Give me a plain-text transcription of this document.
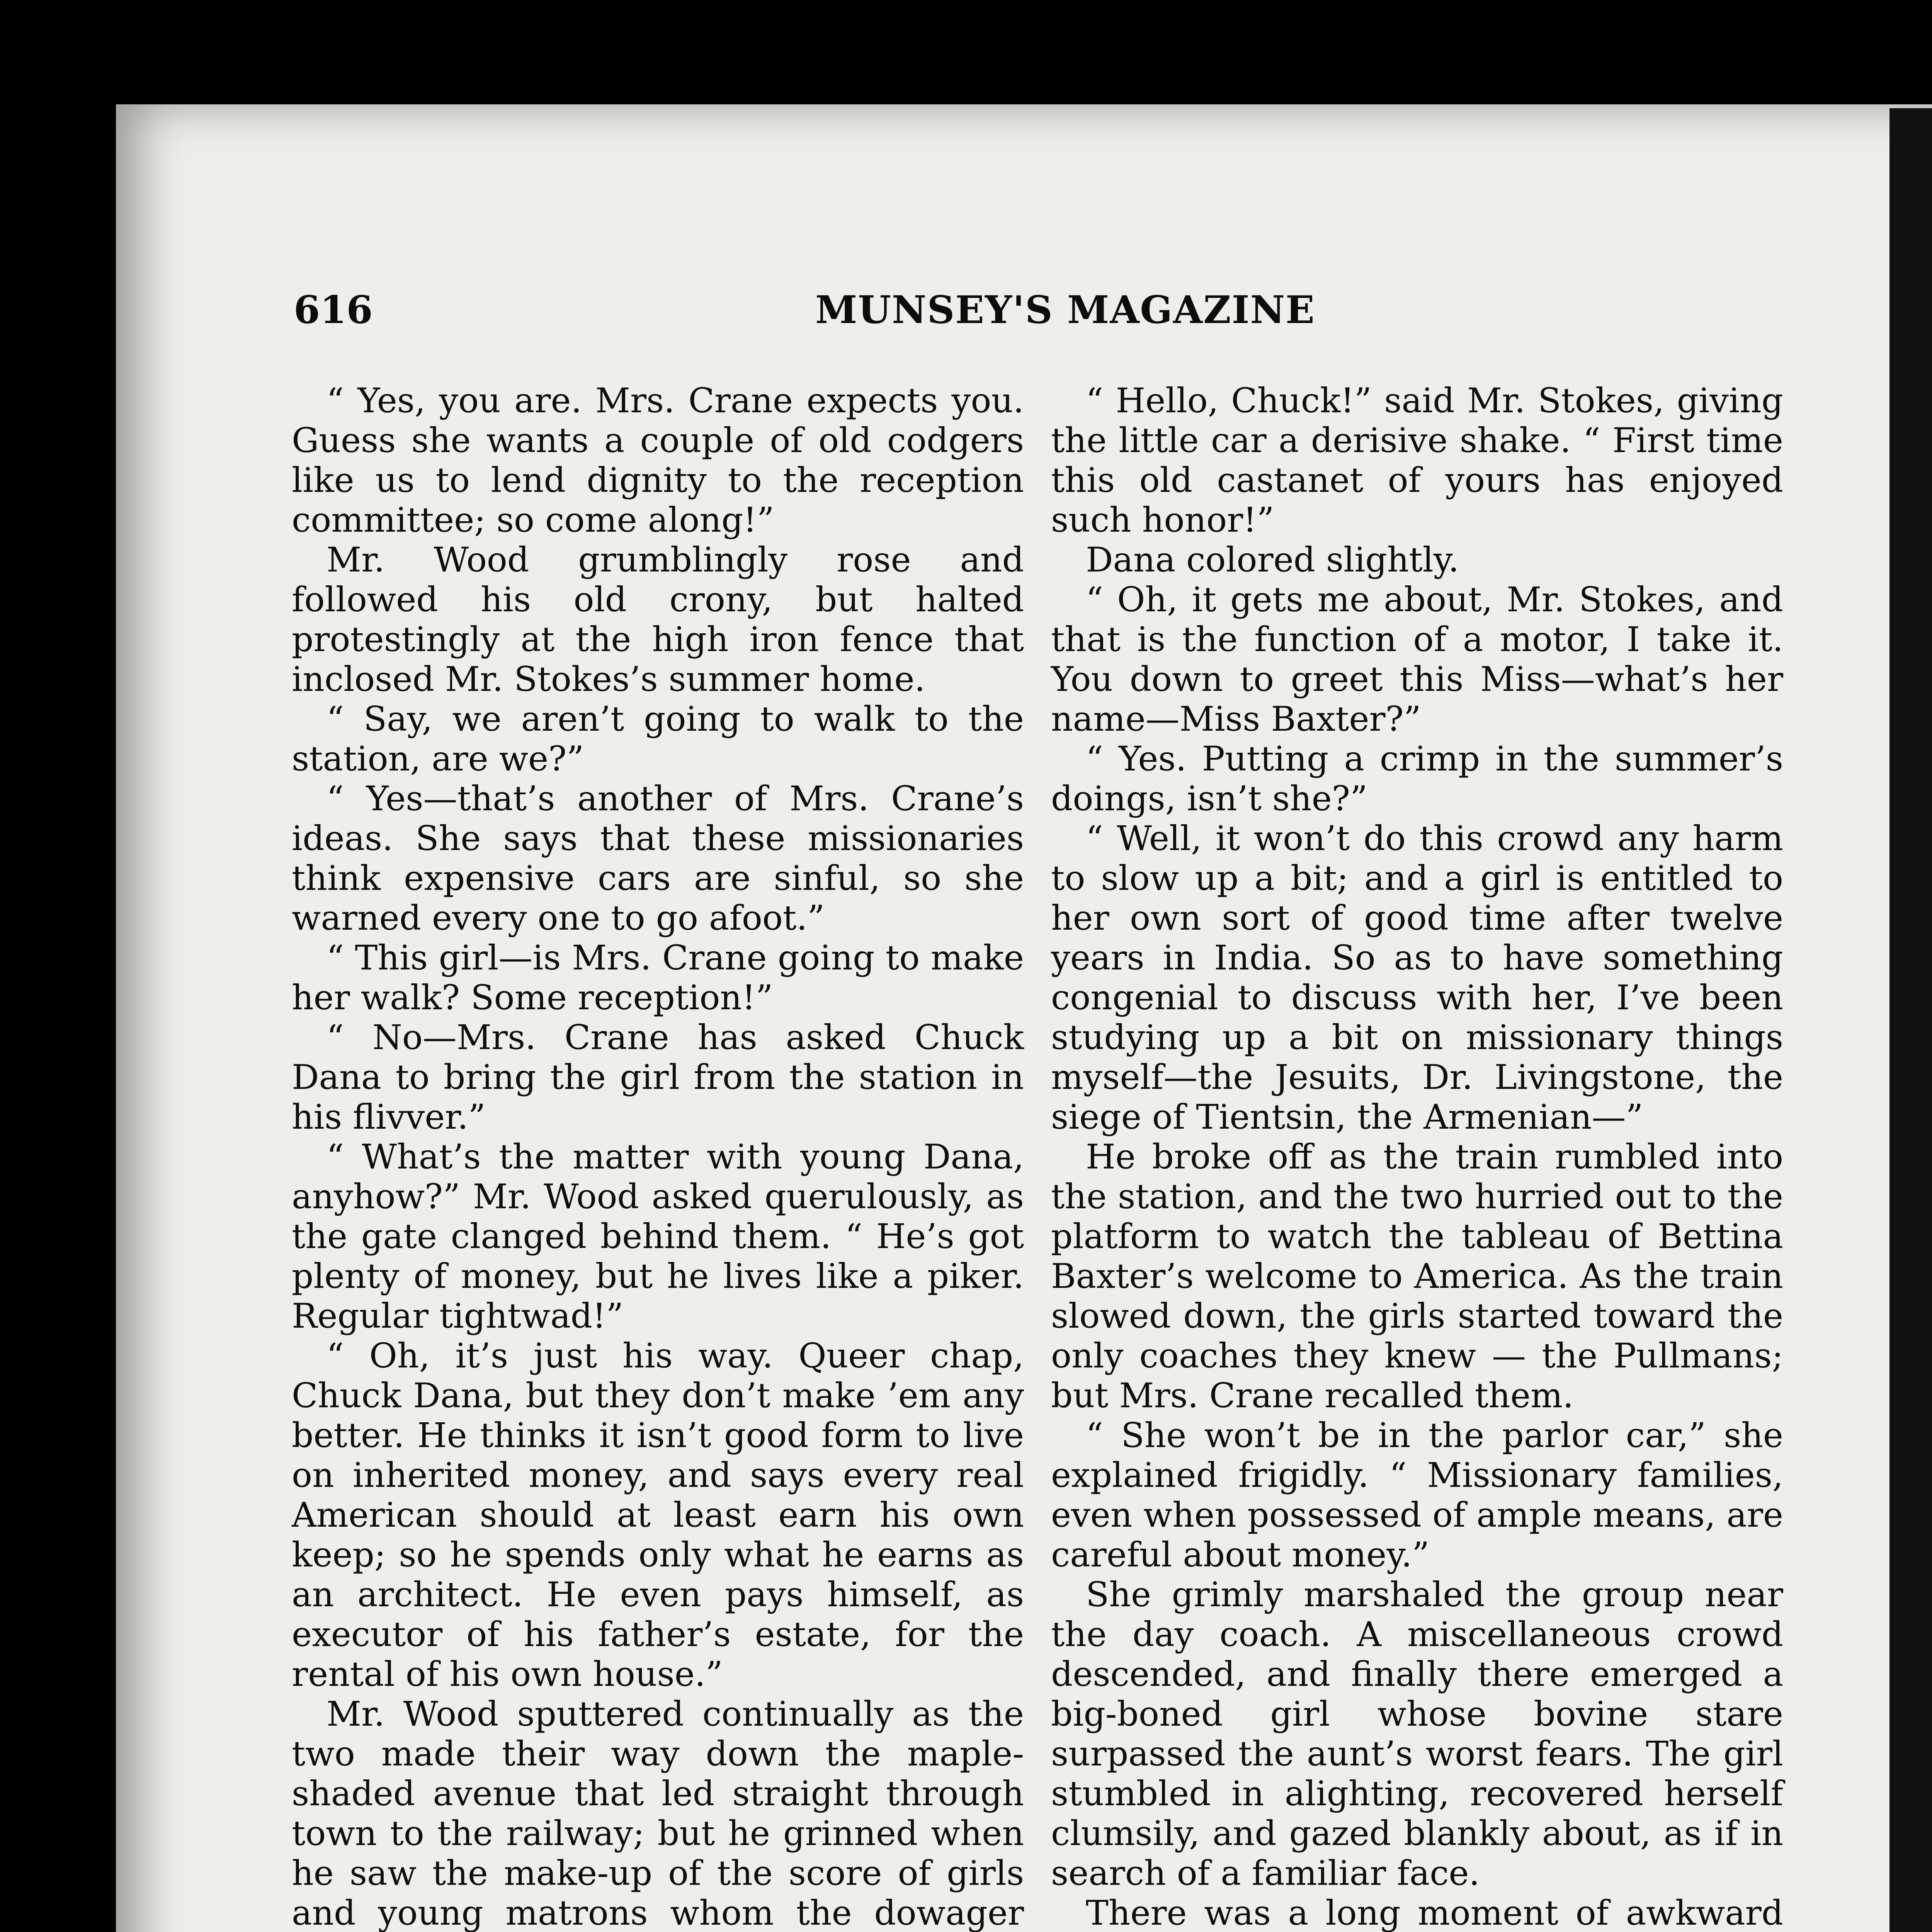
616	MUNSEY'S MAGAZINE

“ Yes, you are. Mrs. Crane expects you. Guess she wants a couple of old codgers like us to lend dignity to the reception committee; so come along!”

Mr. Wood grumblingly rose and followed his old crony, but halted protestingly at the high iron fence that inclosed Mr. Stokes’s summer home.

“ Say, we aren’t going to walk to the station, are we?”

“ Yes—that’s another of Mrs. Crane’s ideas. She says that these missionaries think expensive cars are sinful, so she warned every one to go afoot.”

“ This girl—is Mrs. Crane going to make her walk? Some reception!”

“ No—Mrs. Crane has asked Chuck Dana to bring the girl from the station in his flivver.”

“ What’s the matter with young Dana, anyhow?” Mr. Wood asked querulously, as the gate clanged behind them. “ He’s got plenty of money, but he lives like a piker. Regular tightwad!”

“ Oh, it’s just his way. Queer chap, Chuck Dana, but they don’t make ’em any better. He thinks it isn’t good form to live on inherited money, and says every real American should at least earn his own keep; so he spends only what he earns as an architect. He even pays himself, as executor of his father’s estate, for the rental of his own house.”

Mr. Wood sputtered continually as the two made their way down the maple-shaded avenue that led straight through town to the railway; but he grinned when he saw the make-up of the score of girls and young matrons whom the dowager

“ Hello, Chuck!” said Mr. Stokes, giving the little car a derisive shake. “ First time this old castanet of yours has enjoyed such honor!”

Dana colored slightly.

“ Oh, it gets me about, Mr. Stokes, and that is the function of a motor, I take it. You down to greet this Miss—what’s her name—Miss Baxter?”

“ Yes. Putting a crimp in the summer’s doings, isn’t she?”

“ Well, it won’t do this crowd any harm to slow up a bit; and a girl is entitled to her own sort of good time after twelve years in India. So as to have something congenial to discuss with her, I’ve been studying up a bit on missionary things myself—the Jesuits, Dr. Livingstone, the siege of Tientsin, the Armenian—”

He broke off as the train rumbled into the station, and the two hurried out to the platform to watch the tableau of Bettina Baxter’s welcome to America. As the train slowed down, the girls started toward the only coaches they knew — the Pullmans; but Mrs. Crane recalled them.

“ She won’t be in the parlor car,” she explained frigidly. “ Missionary families, even when possessed of ample means, are careful about money.”

She grimly marshaled the group near the day coach. A miscellaneous crowd descended, and finally there emerged a big-boned girl whose bovine stare surpassed the aunt’s worst fears. The girl stumbled in alighting, recovered herself clumsily, and gazed blankly about, as if in search of a familiar face.

There was a long moment of awkward
